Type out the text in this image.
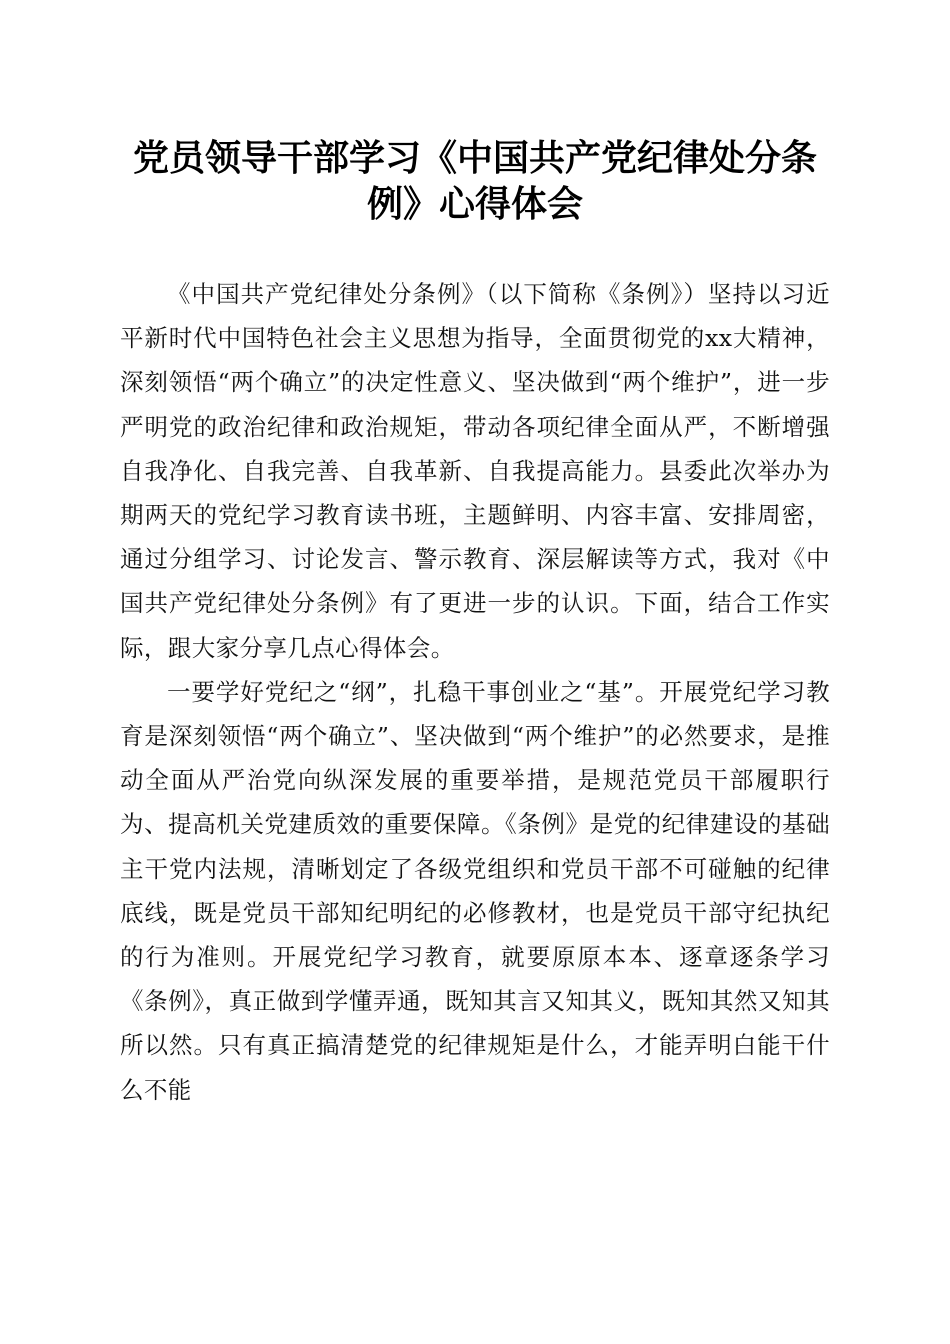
党员领导干部学习《中国共产党纪律处分条例》心得体会

《中国共产党纪律处分条例》（以下简称《条例》）坚持以习近平新时代中国特色社会主义思想为指导，全面贯彻党的xx大精神，深刻领悟“两个确立”的决定性意义、坚决做到“两个维护”，进一步严明党的政治纪律和政治规矩，带动各项纪律全面从严，不断增强自我净化、自我完善、自我革新、自我提高能力。县委此次举办为期两天的党纪学习教育读书班，主题鲜明、内容丰富、安排周密，通过分组学习、讨论发言、警示教育、深层解读等方式，我对《中国共产党纪律处分条例》有了更进一步的认识。下面，结合工作实际，跟大家分享几点心得体会。

一要学好党纪之“纲”，扎稳干事创业之“基”。开展党纪学习教育是深刻领悟“两个确立”、坚决做到“两个维护”的必然要求，是推动全面从严治党向纵深发展的重要举措，是规范党员干部履职行为、提高机关党建质效的重要保障。《条例》是党的纪律建设的基础主干党内法规，清晰划定了各级党组织和党员干部不可碰触的纪律底线，既是党员干部知纪明纪的必修教材，也是党员干部守纪执纪的行为准则。开展党纪学习教育，就要原原本本、逐章逐条学习《条例》，真正做到学懂弄通，既知其言又知其义，既知其然又知其所以然。只有真正搞清楚党的纪律规矩是什么，才能弄明白能干什么不能
